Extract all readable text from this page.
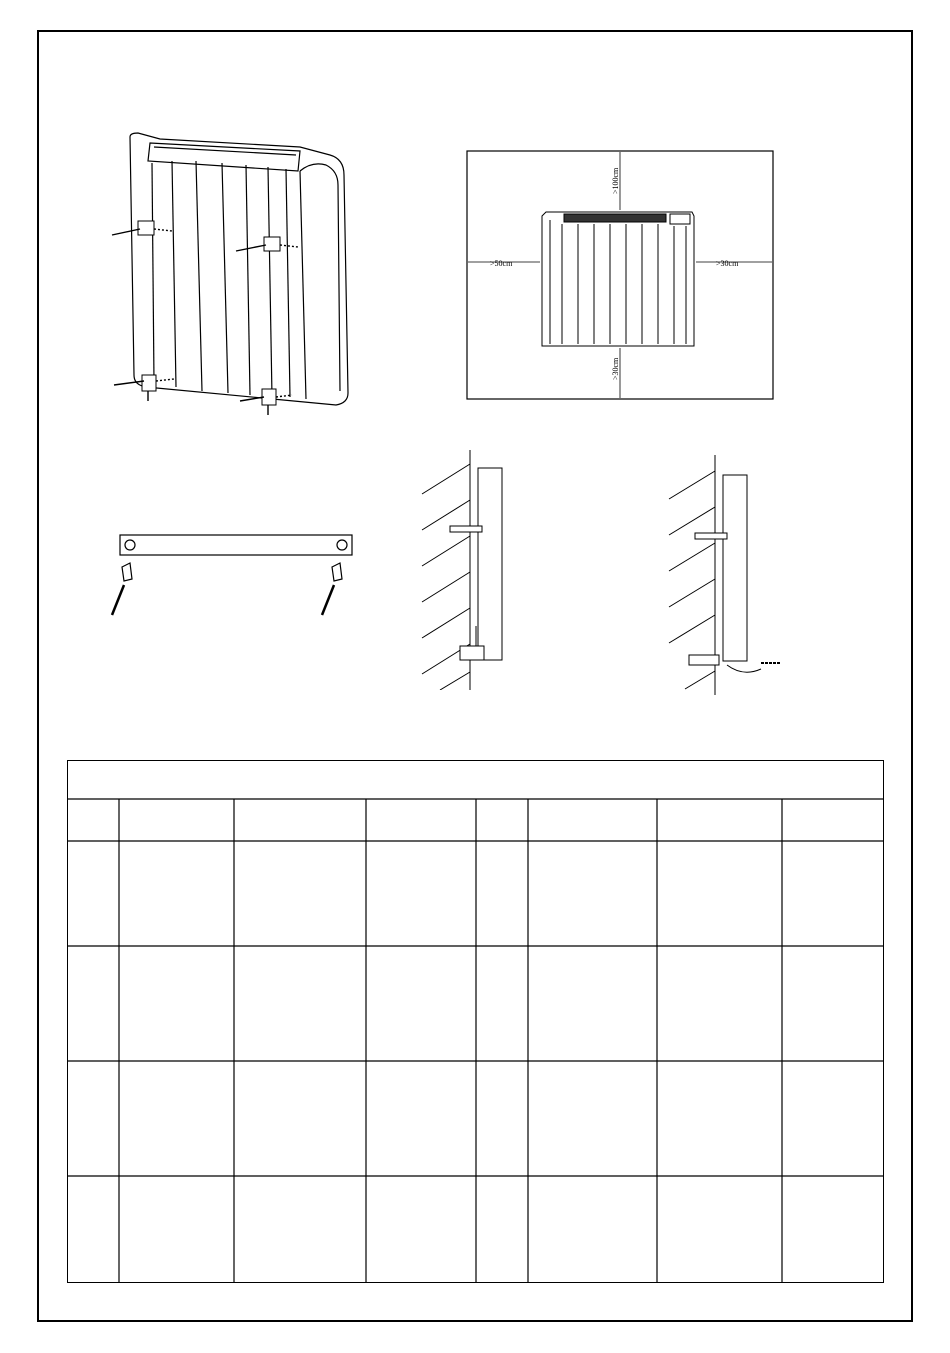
>100cm
>50cm	>30cm
>30cm
